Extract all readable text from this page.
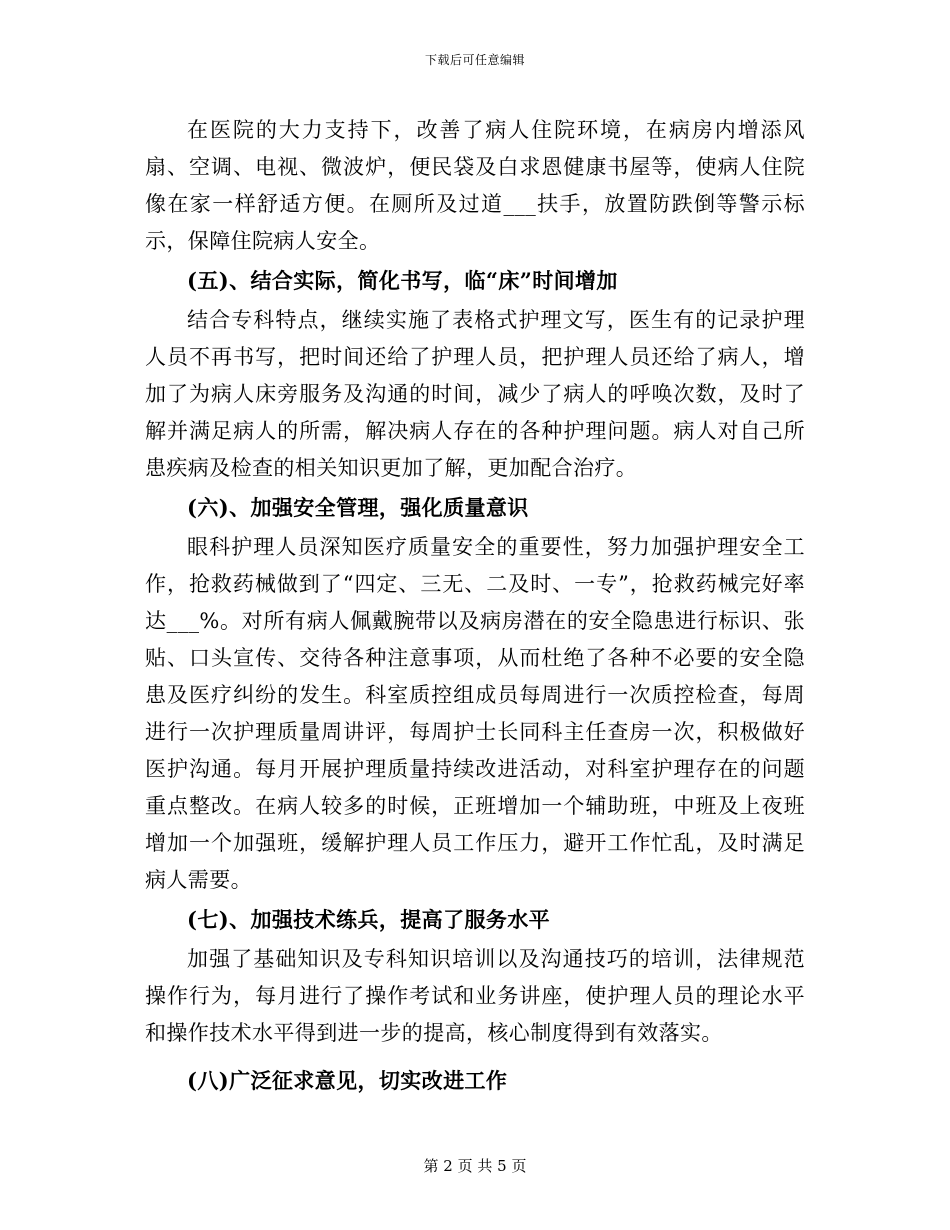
下载后可任意编辑

在医院的大力支持下，改善了病人住院环境，在病房内增添风扇、空调、电视、微波炉，便民袋及白求恩健康书屋等，使病人住院像在家一样舒适方便。在厕所及过道___扶手，放置防跌倒等警示标示，保障住院病人安全。

(五)、结合实际，简化书写，临“床”时间增加

结合专科特点，继续实施了表格式护理文写，医生有的记录护理人员不再书写，把时间还给了护理人员，把护理人员还给了病人，增加了为病人床旁服务及沟通的时间，减少了病人的呼唤次数，及时了解并满足病人的所需，解决病人存在的各种护理问题。病人对自己所患疾病及检查的相关知识更加了解，更加配合治疗。

(六)、加强安全管理，强化质量意识

眼科护理人员深知医疗质量安全的重要性，努力加强护理安全工作，抢救药械做到了“四定、三无、二及时、一专”，抢救药械完好率达___%。对所有病人佩戴腕带以及病房潜在的安全隐患进行标识、张贴、口头宣传、交待各种注意事项，从而杜绝了各种不必要的安全隐患及医疗纠纷的发生。科室质控组成员每周进行一次质控检查，每周进行一次护理质量周讲评，每周护士长同科主任查房一次，积极做好医护沟通。每月开展护理质量持续改进活动，对科室护理存在的问题重点整改。在病人较多的时候，正班增加一个辅助班，中班及上夜班增加一个加强班，缓解护理人员工作压力，避开工作忙乱，及时满足病人需要。

(七)、加强技术练兵，提高了服务水平

加强了基础知识及专科知识培训以及沟通技巧的培训，法律规范操作行为，每月进行了操作考试和业务讲座，使护理人员的理论水平和操作技术水平得到进一步的提高，核心制度得到有效落实。

(八)广泛征求意见，切实改进工作

第 2 页 共 5 页
